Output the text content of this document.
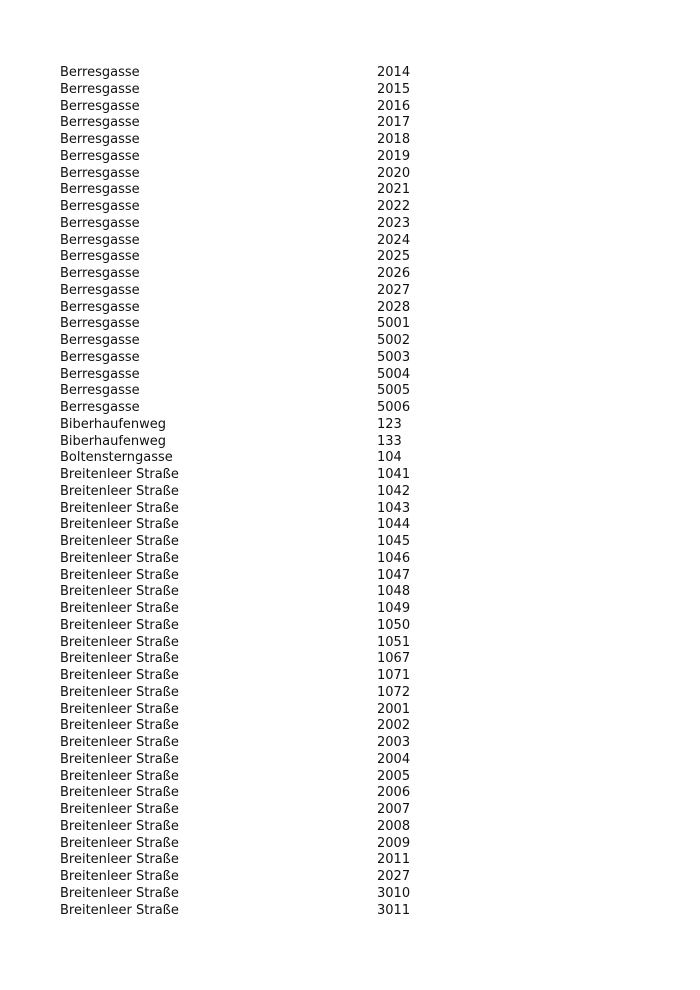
Berresgasse	2014
Berresgasse	2015
Berresgasse	2016
Berresgasse	2017
Berresgasse	2018
Berresgasse	2019
Berresgasse	2020
Berresgasse	2021
Berresgasse	2022
Berresgasse	2023
Berresgasse	2024
Berresgasse	2025
Berresgasse	2026
Berresgasse	2027
Berresgasse	2028
Berresgasse	5001
Berresgasse	5002
Berresgasse	5003
Berresgasse	5004
Berresgasse	5005
Berresgasse	5006
Biberhaufenweg	123
Biberhaufenweg	133
Boltensterngasse	104
Breitenleer Straße	1041
Breitenleer Straße	1042
Breitenleer Straße	1043
Breitenleer Straße	1044
Breitenleer Straße	1045
Breitenleer Straße	1046
Breitenleer Straße	1047
Breitenleer Straße	1048
Breitenleer Straße	1049
Breitenleer Straße	1050
Breitenleer Straße	1051
Breitenleer Straße	1067
Breitenleer Straße	1071
Breitenleer Straße	1072
Breitenleer Straße	2001
Breitenleer Straße	2002
Breitenleer Straße	2003
Breitenleer Straße	2004
Breitenleer Straße	2005
Breitenleer Straße	2006
Breitenleer Straße	2007
Breitenleer Straße	2008
Breitenleer Straße	2009
Breitenleer Straße	2011
Breitenleer Straße	2027
Breitenleer Straße	3010
Breitenleer Straße	3011
